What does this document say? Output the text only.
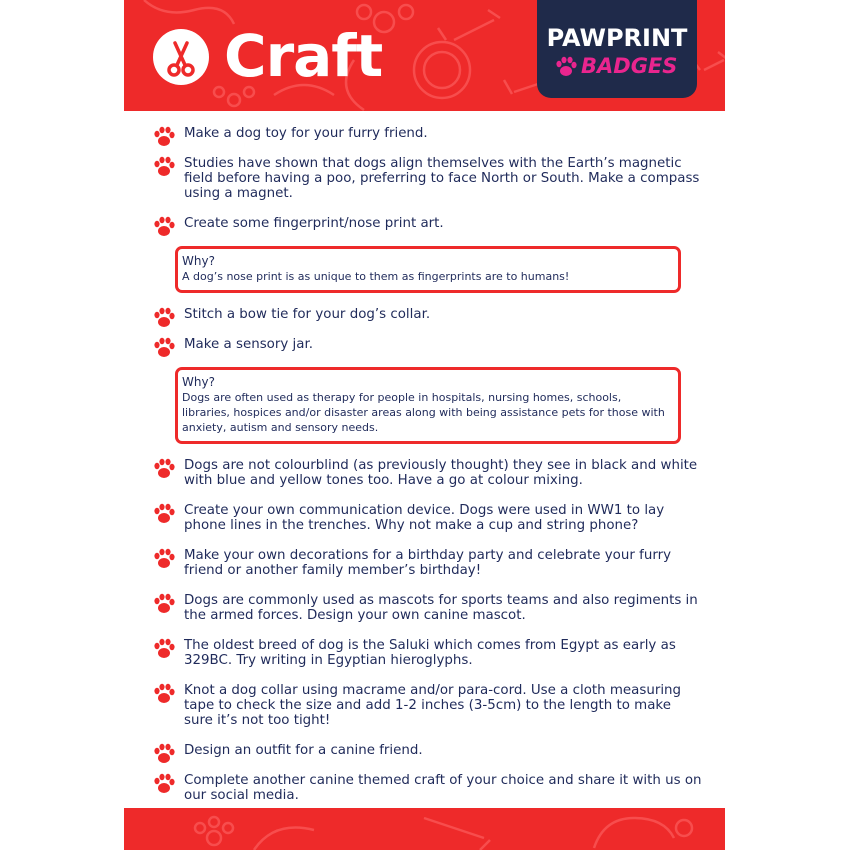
Craft	PAWPRINT
BADGES
Make a dog toy for your furry friend.
Studies have shown that dogs align themselves with the Earth’s magnetic field before having a poo, preferring to face North or South. Make a compass using a magnet.
Create some fingerprint/nose print art.
Why?
A dog’s nose print is as unique to them as fingerprints are to humans!
Stitch a bow tie for your dog’s collar.
Make a sensory jar.
Why?
Dogs are often used as therapy for people in hospitals, nursing homes, schools, libraries, hospices and/or disaster areas along with being assistance pets for those with anxiety, autism and sensory needs.
Dogs are not colourblind (as previously thought) they see in black and white with blue and yellow tones too. Have a go at colour mixing.
Create your own communication device. Dogs were used in WW1 to lay phone lines in the trenches. Why not make a cup and string phone?
Make your own decorations for a birthday party and celebrate your furry friend or another family member’s birthday!
Dogs are commonly used as mascots for sports teams and also regiments in the armed forces. Design your own canine mascot.
The oldest breed of dog is the Saluki which comes from Egypt as early as 329BC. Try writing in Egyptian hieroglyphs.
Knot a dog collar using macrame and/or para-cord. Use a cloth measuring tape to check the size and add 1-2 inches (3-5cm) to the length to make sure it’s not too tight!
Design an outfit for a canine friend.
Complete another canine themed craft of your choice and share it with us on our social media.
